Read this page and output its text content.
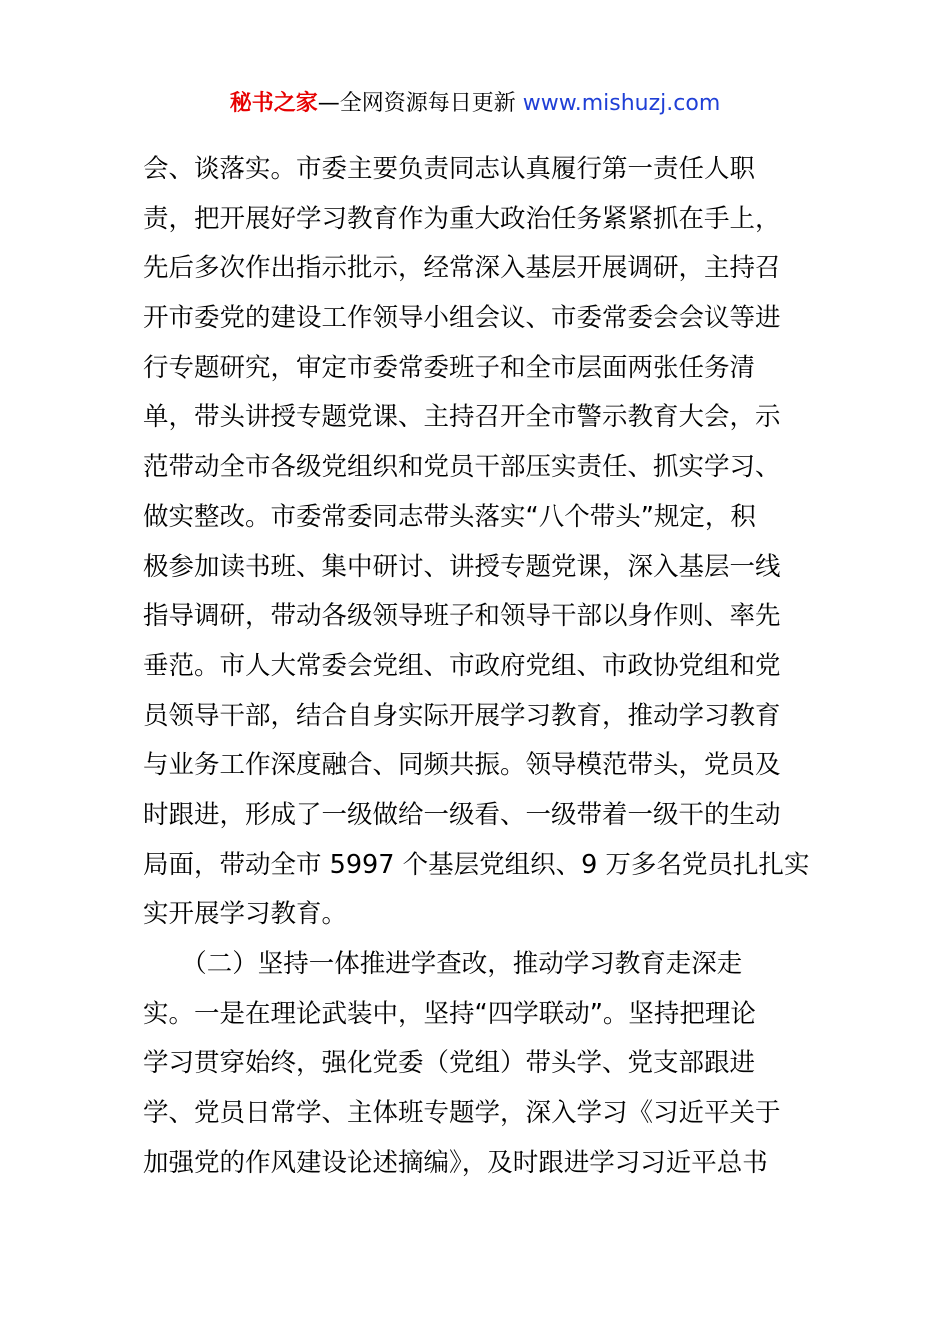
秘书之家—全网资源每日更新 www.mishuzj.com
会、谈落实。市委主要负责同志认真履行第一责任人职
责，把开展好学习教育作为重大政治任务紧紧抓在手上，
先后多次作出指示批示，经常深入基层开展调研，主持召
开市委党的建设工作领导小组会议、市委常委会会议等进
行专题研究，审定市委常委班子和全市层面两张任务清
单，带头讲授专题党课、主持召开全市警示教育大会，示
范带动全市各级党组织和党员干部压实责任、抓实学习、
做实整改。市委常委同志带头落实“八个带头”规定，积
极参加读书班、集中研讨、讲授专题党课，深入基层一线
指导调研，带动各级领导班子和领导干部以身作则、率先
垂范。市人大常委会党组、市政府党组、市政协党组和党
员领导干部，结合自身实际开展学习教育，推动学习教育
与业务工作深度融合、同频共振。领导模范带头，党员及
时跟进，形成了一级做给一级看、一级带着一级干的生动
局面，带动全市 5997 个基层党组织、9 万多名党员扎扎实
实开展学习教育。
　　（二）坚持一体推进学查改，推动学习教育走深走
实。一是在理论武装中，坚持“四学联动”。坚持把理论
学习贯穿始终，强化党委（党组）带头学、党支部跟进
学、党员日常学、主体班专题学，深入学习《习近平关于
加强党的作风建设论述摘编》，及时跟进学习习近平总书
